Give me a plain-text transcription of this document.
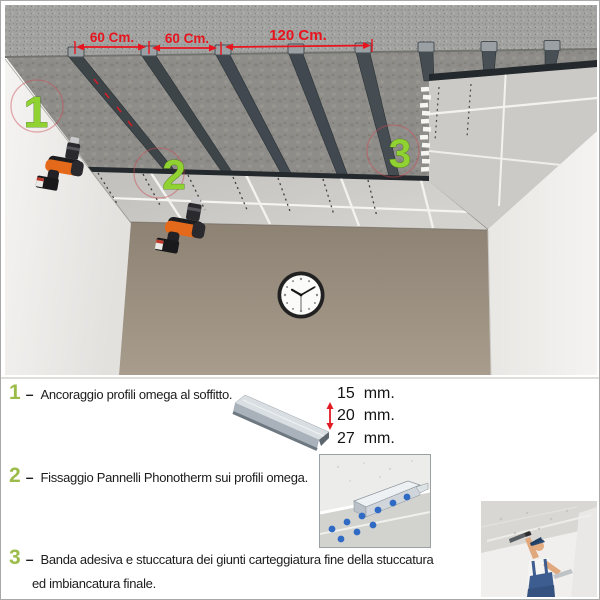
1
2	3
60 Cm. 60 Cm.	120 Cm.
1 – Ancoraggio profili omega al soffitto.	15  mm.
20  mm.
27  mm.
2 – Fissaggio Pannelli Phonotherm sui profili omega.
3 – Banda adesiva e stuccatura dei giunti carteggiatura fine della stuccatura
ed imbiancatura finale.
